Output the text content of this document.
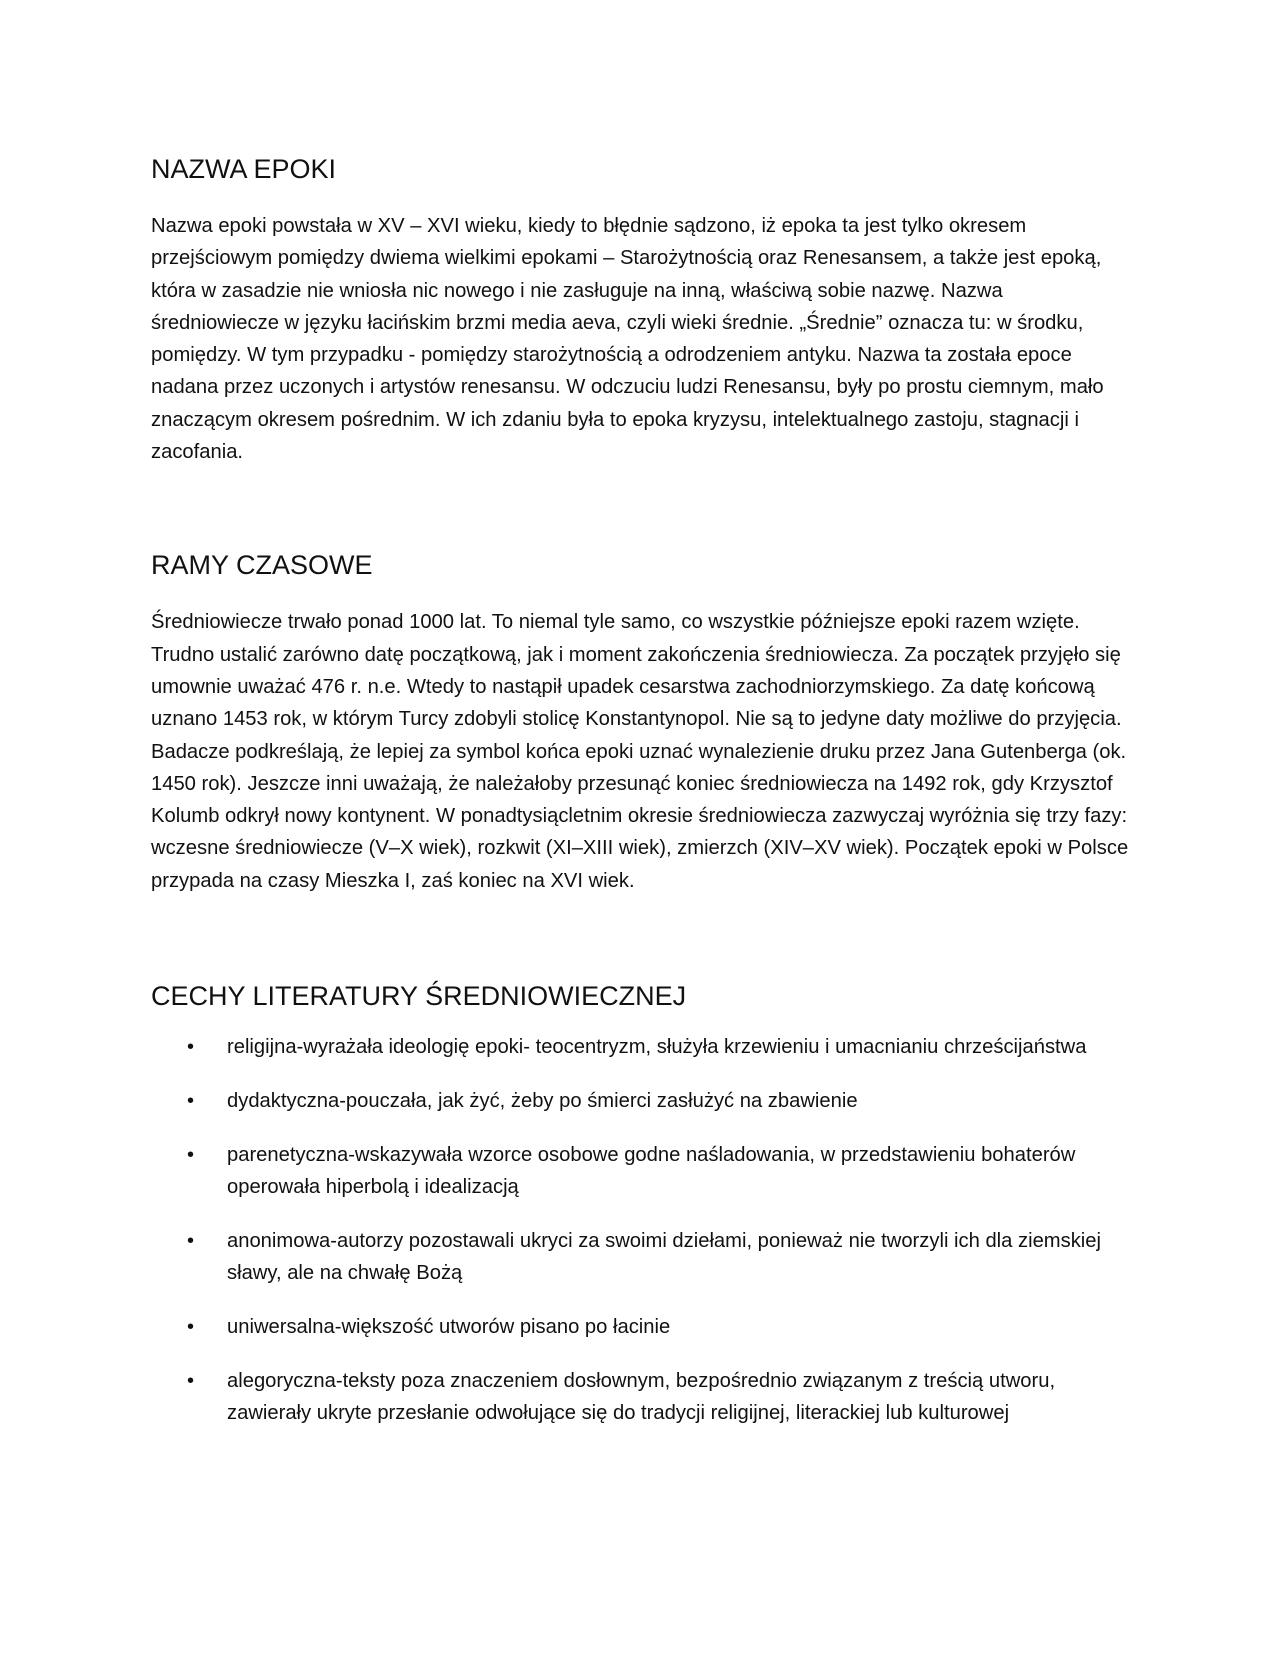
NAZWA EPOKI

Nazwa epoki powstała w XV – XVI wieku, kiedy to błędnie sądzono, iż epoka ta jest tylko okresem przejściowym pomiędzy dwiema wielkimi epokami – Starożytnością oraz Renesansem, a także jest epoką, która w zasadzie nie wniosła nic nowego i nie zasługuje na inną, właściwą sobie nazwę. Nazwa średniowiecze w języku łacińskim brzmi media aeva, czyli wieki średnie. „Średnie” oznacza tu: w środku, pomiędzy. W tym przypadku - pomiędzy starożytnością a odrodzeniem antyku. Nazwa ta została epoce nadana przez uczonych i artystów renesansu. W odczuciu ludzi Renesansu, były po prostu ciemnym, mało znaczącym okresem pośrednim. W ich zdaniu była to epoka kryzysu, intelektualnego zastoju, stagnacji i zacofania.

RAMY CZASOWE

Średniowiecze trwało ponad 1000 lat. To niemal tyle samo, co wszystkie późniejsze epoki razem wzięte. Trudno ustalić zarówno datę początkową, jak i moment zakończenia średniowiecza. Za początek przyjęło się umownie uważać 476 r. n.e. Wtedy to nastąpił upadek cesarstwa zachodniorzymskiego. Za datę końcową uznano 1453 rok, w którym Turcy zdobyli stolicę Konstantynopol. Nie są to jedyne daty możliwe do przyjęcia. Badacze podkreślają, że lepiej za symbol końca epoki uznać wynalezienie druku przez Jana Gutenberga (ok. 1450 rok). Jeszcze inni uważają, że należałoby przesunąć koniec średniowiecza na 1492 rok, gdy Krzysztof Kolumb odkrył nowy kontynent. W ponadtysiącletnim okresie średniowiecza zazwyczaj wyróżnia się trzy fazy: wczesne średniowiecze (V–X wiek), rozkwit (XI–XIII wiek), zmierzch (XIV–XV wiek). Początek epoki w Polsce przypada na czasy Mieszka I, zaś koniec na XVI wiek.

CECHY LITERATURY ŚREDNIOWIECZNEJ
• religijna-wyrażała ideologię epoki- teocentryzm, służyła krzewieniu i umacnianiu chrześcijaństwa
• dydaktyczna-pouczała, jak żyć, żeby po śmierci zasłużyć na zbawienie
• parenetyczna-wskazywała wzorce osobowe godne naśladowania, w przedstawieniu bohaterów operowała hiperbolą i idealizacją
• anonimowa-autorzy pozostawali ukryci za swoimi dziełami, ponieważ nie tworzyli ich dla ziemskiej sławy, ale na chwałę Bożą
• uniwersalna-większość utworów pisano po łacinie
• alegoryczna-teksty poza znaczeniem dosłownym, bezpośrednio związanym z treścią utworu, zawierały ukryte przesłanie odwołujące się do tradycji religijnej, literackiej lub kulturowej
